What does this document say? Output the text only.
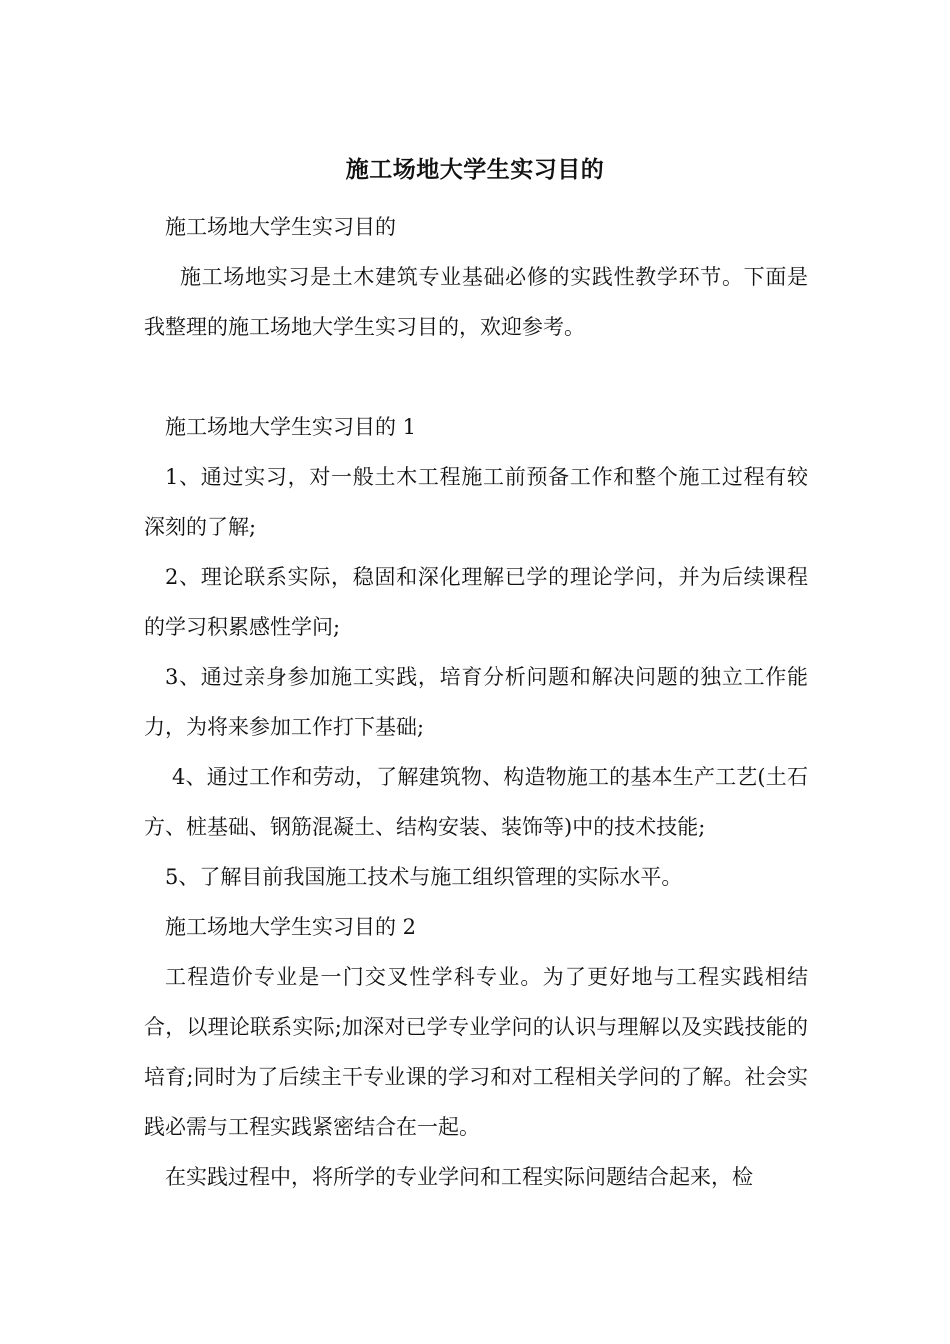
施工场地大学生实习目的

施工场地大学生实习目的

施工场地实习是土木建筑专业基础必修的实践性教学环节。下面是我整理的施工场地大学生实习目的，欢迎参考。

施工场地大学生实习目的 1

1、通过实习，对一般土木工程施工前预备工作和整个施工过程有较深刻的了解;

2、理论联系实际，稳固和深化理解已学的理论学问，并为后续课程的学习积累感性学问;

3、通过亲身参加施工实践，培育分析问题和解决问题的独立工作能力，为将来参加工作打下基础;

4、通过工作和劳动，了解建筑物、构造物施工的基本生产工艺(土石方、桩基础、钢筋混凝土、结构安装、装饰等)中的技术技能;

5、了解目前我国施工技术与施工组织管理的实际水平。

施工场地大学生实习目的 2

工程造价专业是一门交叉性学科专业。为了更好地与工程实践相结合，以理论联系实际;加深对已学专业学问的认识与理解以及实践技能的培育;同时为了后续主干专业课的学习和对工程相关学问的了解。社会实践必需与工程实践紧密结合在一起。

在实践过程中，将所学的专业学问和工程实际问题结合起来，检
